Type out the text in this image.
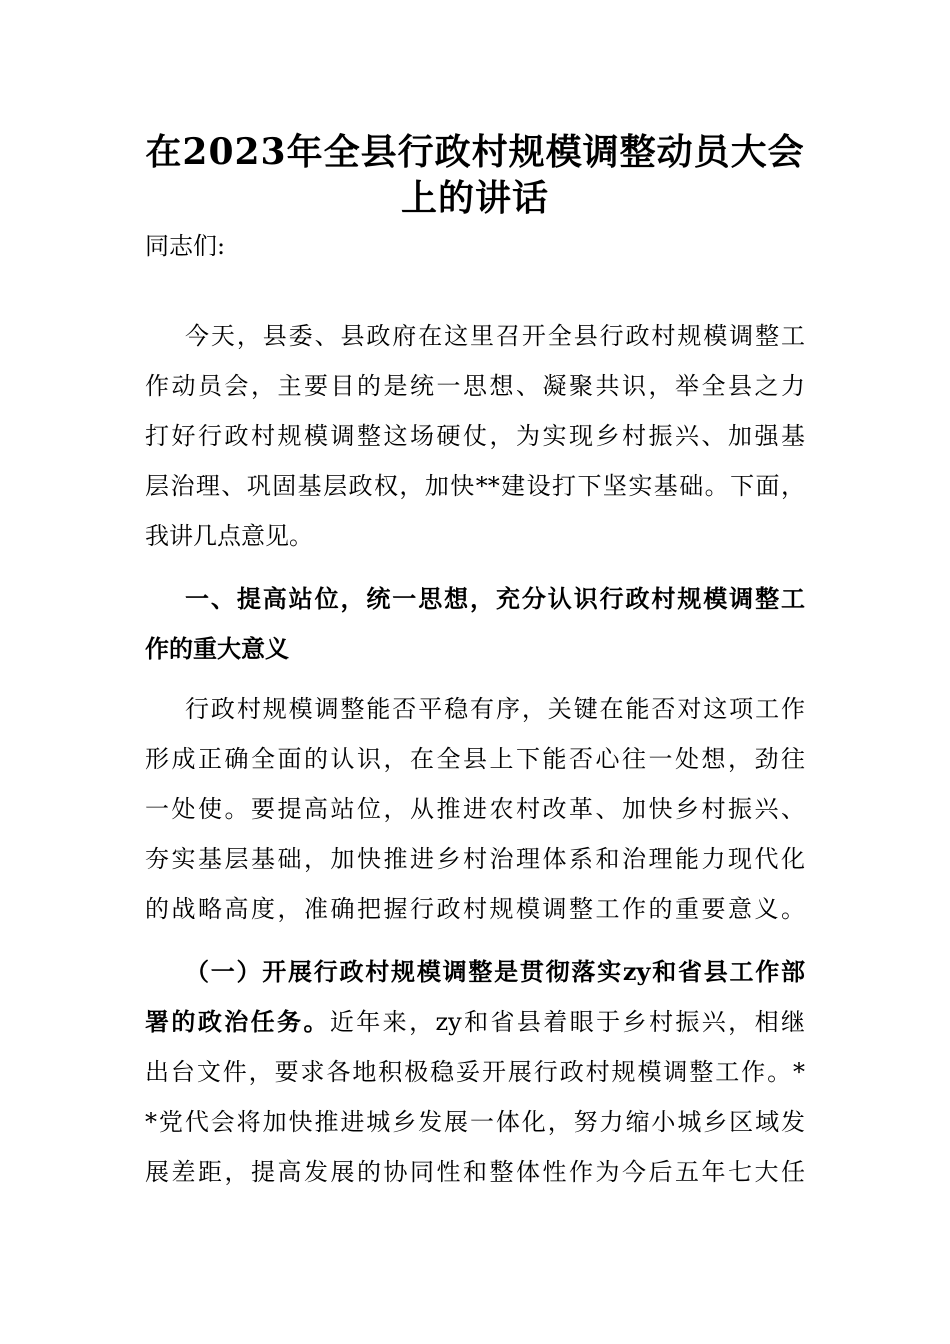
在2023年全县行政村规模调整动员大会
上的讲话
同志们:
今天，县委、县政府在这里召开全县行政村规模调整工
作动员会，主要目的是统一思想、凝聚共识，举全县之力
打好行政村规模调整这场硬仗，为实现乡村振兴、加强基
层治理、巩固基层政权，加快**建设打下坚实基础。下面，
我讲几点意见。
一、提高站位，统一思想，充分认识行政村规模调整工
作的重大意义
行政村规模调整能否平稳有序，关键在能否对这项工作
形成正确全面的认识，在全县上下能否心往一处想，劲往
一处使。要提高站位，从推进农村改革、加快乡村振兴、
夯实基层基础，加快推进乡村治理体系和治理能力现代化
的战略高度，准确把握行政村规模调整工作的重要意义。
（一）开展行政村规模调整是贯彻落实zy和省县工作部
署的政治任务。近年来，zy和省县着眼于乡村振兴，相继
出台文件，要求各地积极稳妥开展行政村规模调整工作。*
*党代会将加快推进城乡发展一体化，努力缩小城乡区域发
展差距，提高发展的协同性和整体性作为今后五年七大任
